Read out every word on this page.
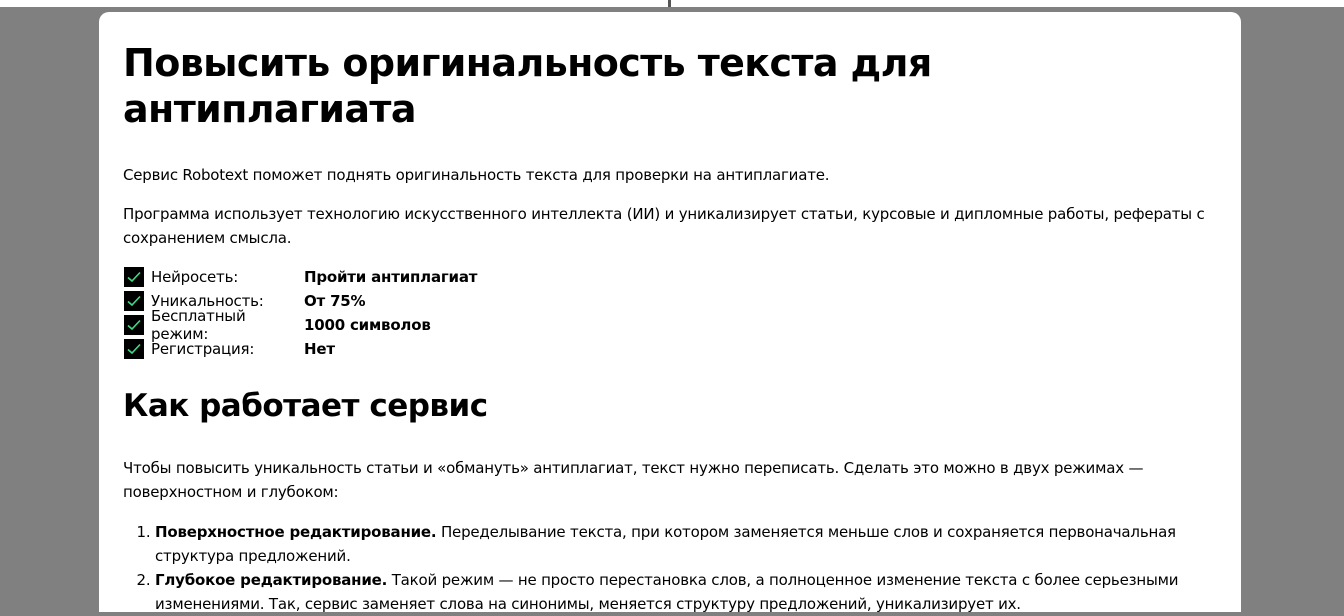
Повысить оригинальность текста для антиплагиата

Сервис Robotext поможет поднять оригинальность текста для проверки на антиплагиате.

Программа использует технологию искусственного интеллекта (ИИ) и уникализирует статьи, курсовые и дипломные работы, рефераты с сохранением смысла.

Нейросеть:	Пройти антиплагиат
Уникальность:	От 75%
Бесплатный режим:	1000 символов
Регистрация:	Нет
Как работает сервис

Чтобы повысить уникальность статьи и «обмануть» антиплагиат, текст нужно переписать. Сделать это можно в двух режимах — поверхностном и глубоком:

1. Поверхностное редактирование. Переделывание текста, при котором заменяется меньше слов и сохраняется первоначальная структура предложений.
2. Глубокое редактирование. Такой режим — не просто перестановка слов, а полноценное изменение текста с более серьезными изменениями. Так, сервис заменяет слова на синонимы, меняется структуру предложений, уникализирует их.
